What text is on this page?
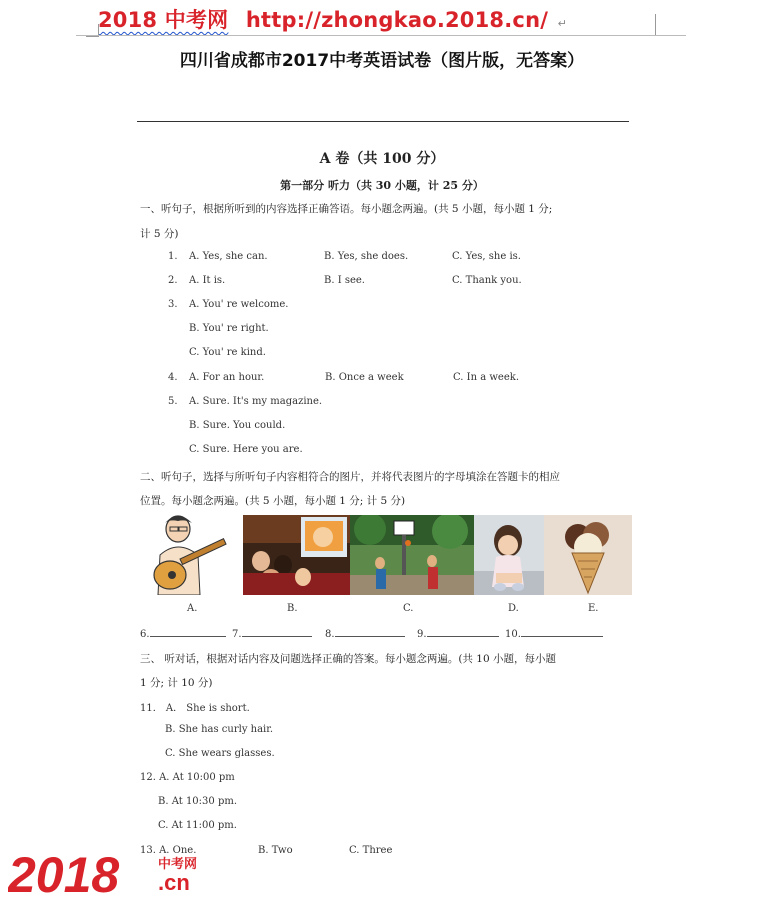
2018 中考网 http://zhongkao.2018.cn/ ↵
四川省成都市2017中考英语试卷（图片版，无答案）
A 卷（共 100 分）
第一部分 听力（共 30 小题，计 25 分）
一、听句子，根据所听到的内容选择正确答语。每小题念两遍。(共 5 小题，每小题 1 分;
计 5 分)
1. A. Yes, she can.	B. Yes, she does.	C. Yes, she is.
2. A. It is.	B. I see.	C. Thank you.
3. A. You' re welcome.
B. You' re right.
C. You' re kind.
4. A. For an hour.	B. Once a week	C. In a week.
5. A. Sure. It's my magazine.
B. Sure. You could.
C. Sure. Here you are.
二、听句子，选择与所听句子内容相符合的图片，并将代表图片的字母填涂在答题卡的相应
位置。每小题念两遍。(共 5 小题，每小题 1 分; 计 5 分)
A.	B.	C.	D.	E.
6.	7.	8.	9.	10.
三、 听对话，根据对话内容及问题选择正确的答案。每小题念两遍。(共 10 小题，每小题
1 分; 计 10 分)
11． A． She is short.
B. She has curly hair.
C. She wears glasses.
12. A. At 10:00 pm
B. At 10:30 pm.
C. At 11:00 pm.
13. A. One.	B. Two	C. Three
2018	中考网
.cn
